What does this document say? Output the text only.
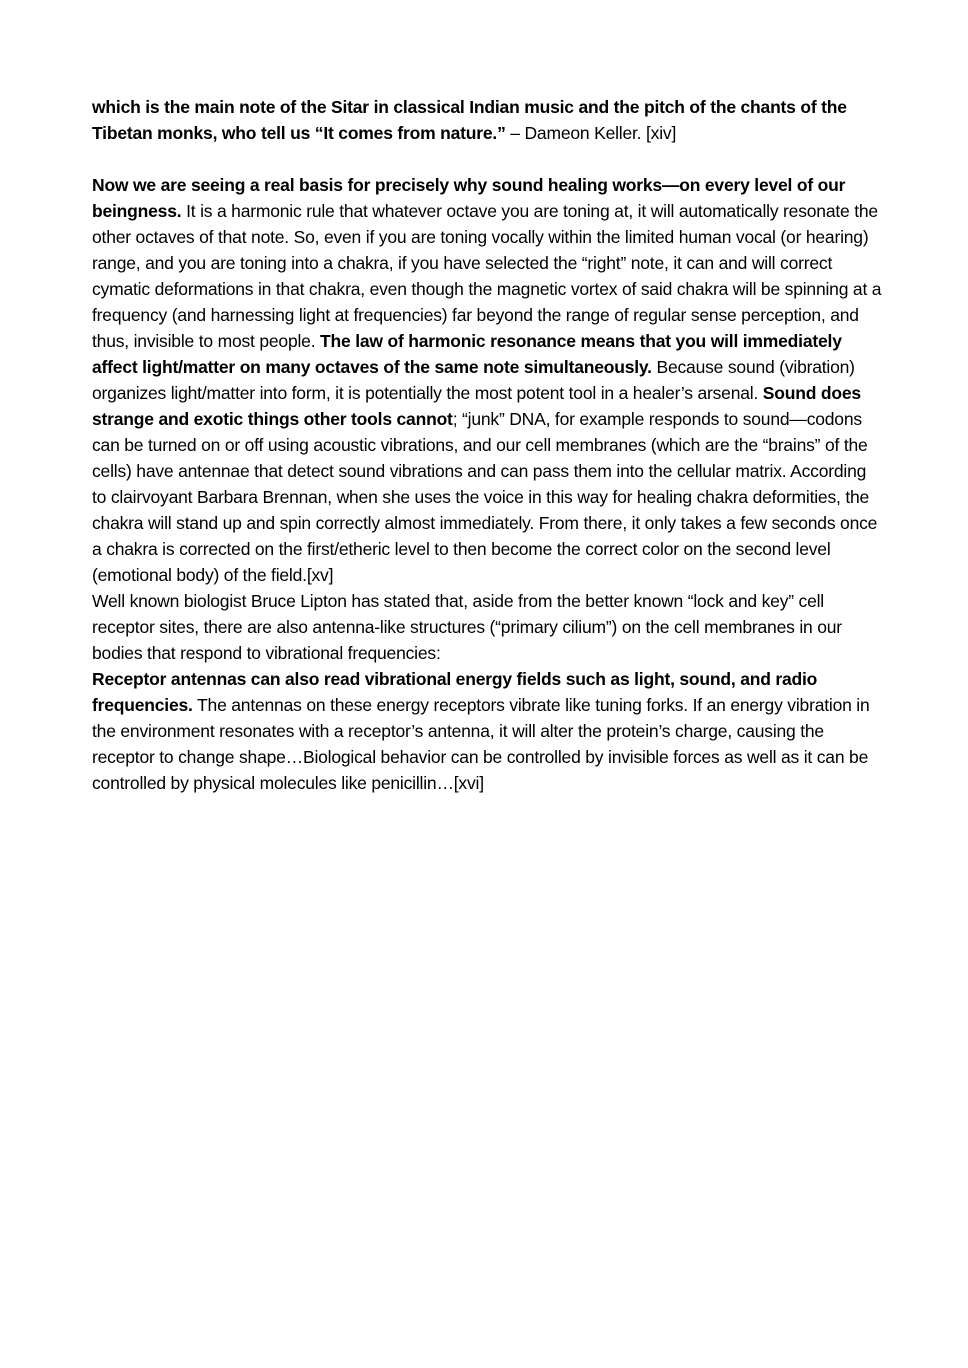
which is the main note of the Sitar in classical Indian music and the pitch of the chants of the Tibetan monks, who tell us “It comes from nature.” – Dameon Keller. [xiv]

Now we are seeing a real basis for precisely why sound healing works—on every level of our beingness. It is a harmonic rule that whatever octave you are toning at, it will automatically resonate the other octaves of that note. So, even if you are toning vocally within the limited human vocal (or hearing) range, and you are toning into a chakra, if you have selected the “right” note, it can and will correct cymatic deformations in that chakra, even though the magnetic vortex of said chakra will be spinning at a frequency (and harnessing light at frequencies) far beyond the range of regular sense perception, and thus, invisible to most people. The law of harmonic resonance means that you will immediately affect light/matter on many octaves of the same note simultaneously. Because sound (vibration) organizes light/matter into form, it is potentially the most potent tool in a healer’s arsenal. Sound does strange and exotic things other tools cannot; “junk” DNA, for example responds to sound—codons can be turned on or off using acoustic vibrations, and our cell membranes (which are the “brains” of the cells) have antennae that detect sound vibrations and can pass them into the cellular matrix. According to clairvoyant Barbara Brennan, when she uses the voice in this way for healing chakra deformities, the chakra will stand up and spin correctly almost immediately. From there, it only takes a few seconds once a chakra is corrected on the first/etheric level to then become the correct color on the second level (emotional body) of the field.[xv]

Well known biologist Bruce Lipton has stated that, aside from the better known “lock and key” cell receptor sites, there are also antenna-like structures (“primary cilium”) on the cell membranes in our bodies that respond to vibrational frequencies:

Receptor antennas can also read vibrational energy fields such as light, sound, and radio frequencies. The antennas on these energy receptors vibrate like tuning forks. If an energy vibration in the environment resonates with a receptor’s antenna, it will alter the protein’s charge, causing the receptor to change shape…Biological behavior can be controlled by invisible forces as well as it can be controlled by physical molecules like penicillin…[xvi]
